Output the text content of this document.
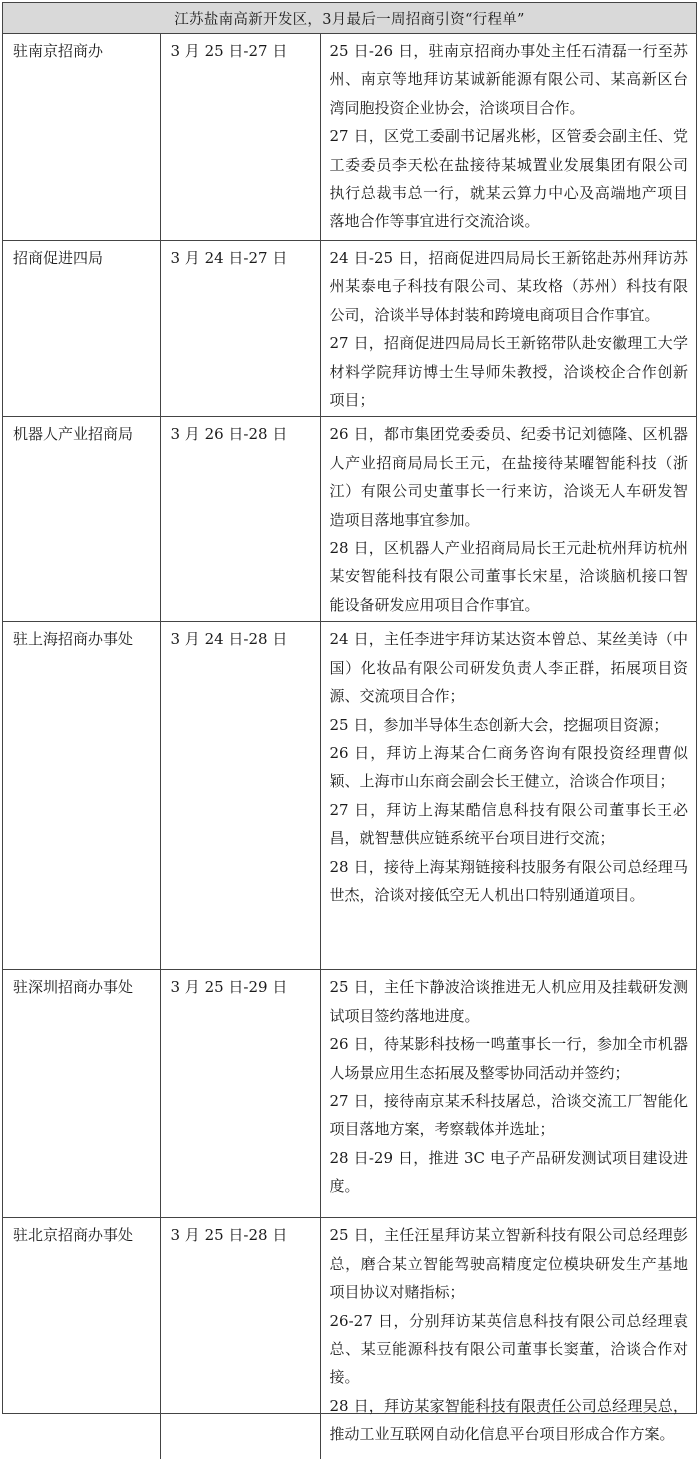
江苏盐南高新开发区，3月最后一周招商引资“行程单”
驻南京招商办	3 月 25 日-27 日	25 日-26 日，驻南京招商办事处主任石清磊一行至苏州、南京等地拜访某诚新能源有限公司、某高新区台湾同胞投资企业协会，洽谈项目合作。
27 日，区党工委副书记屠兆彬，区管委会副主任、党工委委员李天松在盐接待某城置业发展集团有限公司执行总裁韦总一行，就某云算力中心及高端地产项目落地合作等事宜进行交流洽谈。

招商促进四局	3 月 24 日-27 日	24 日-25 日，招商促进四局局长王新铭赴苏州拜访苏州某泰电子科技有限公司、某玫格（苏州）科技有限公司，洽谈半导体封装和跨境电商项目合作事宜。
27 日，招商促进四局局长王新铭带队赴安徽理工大学材料学院拜访博士生导师朱教授，洽谈校企合作创新项目；

机器人产业招商局	3 月 26 日-28 日	26 日，都市集团党委委员、纪委书记刘德隆、区机器人产业招商局局长王元，在盐接待某曜智能科技（浙江）有限公司史董事长一行来访，洽谈无人车研发智造项目落地事宜参加。
28 日，区机器人产业招商局局长王元赴杭州拜访杭州某安智能科技有限公司董事长宋星，洽谈脑机接口智能设备研发应用项目合作事宜。

驻上海招商办事处	3 月 24 日-28 日	24 日，主任李进宇拜访某达资本曾总、某丝美诗（中国）化妆品有限公司研发负责人李正群，拓展项目资源、交流项目合作；
25 日，参加半导体生态创新大会，挖掘项目资源；
26 日，拜访上海某合仁商务咨询有限投资经理曹似颖、上海市山东商会副会长王健立，洽谈合作项目；
27 日，拜访上海某酷信息科技有限公司董事长王必昌，就智慧供应链系统平台项目进行交流；
28 日，接待上海某翔链接科技服务有限公司总经理马世杰，洽谈对接低空无人机出口特别通道项目。

驻深圳招商办事处	3 月 25 日-29 日	25 日，主任卞静波洽谈推进无人机应用及挂载研发测试项目签约落地进度。
26 日，待某影科技杨一鸣董事长一行，参加全市机器人场景应用生态拓展及整零协同活动并签约；
27 日，接待南京某禾科技屠总，洽谈交流工厂智能化项目落地方案，考察载体并选址；
28 日-29 日，推进 3C 电子产品研发测试项目建设进度。

驻北京招商办事处	3 月 25 日-28 日	25 日，主任汪星拜访某立智新科技有限公司总经理彭总，磨合某立智能驾驶高精度定位模块研发生产基地项目协议对赌指标；
26-27 日，分别拜访某英信息科技有限公司总经理袁总、某豆能源科技有限公司董事长窦董，洽谈合作对接。
28 日，拜访某家智能科技有限责任公司总经理吴总，推动工业互联网自动化信息平台项目形成合作方案。
